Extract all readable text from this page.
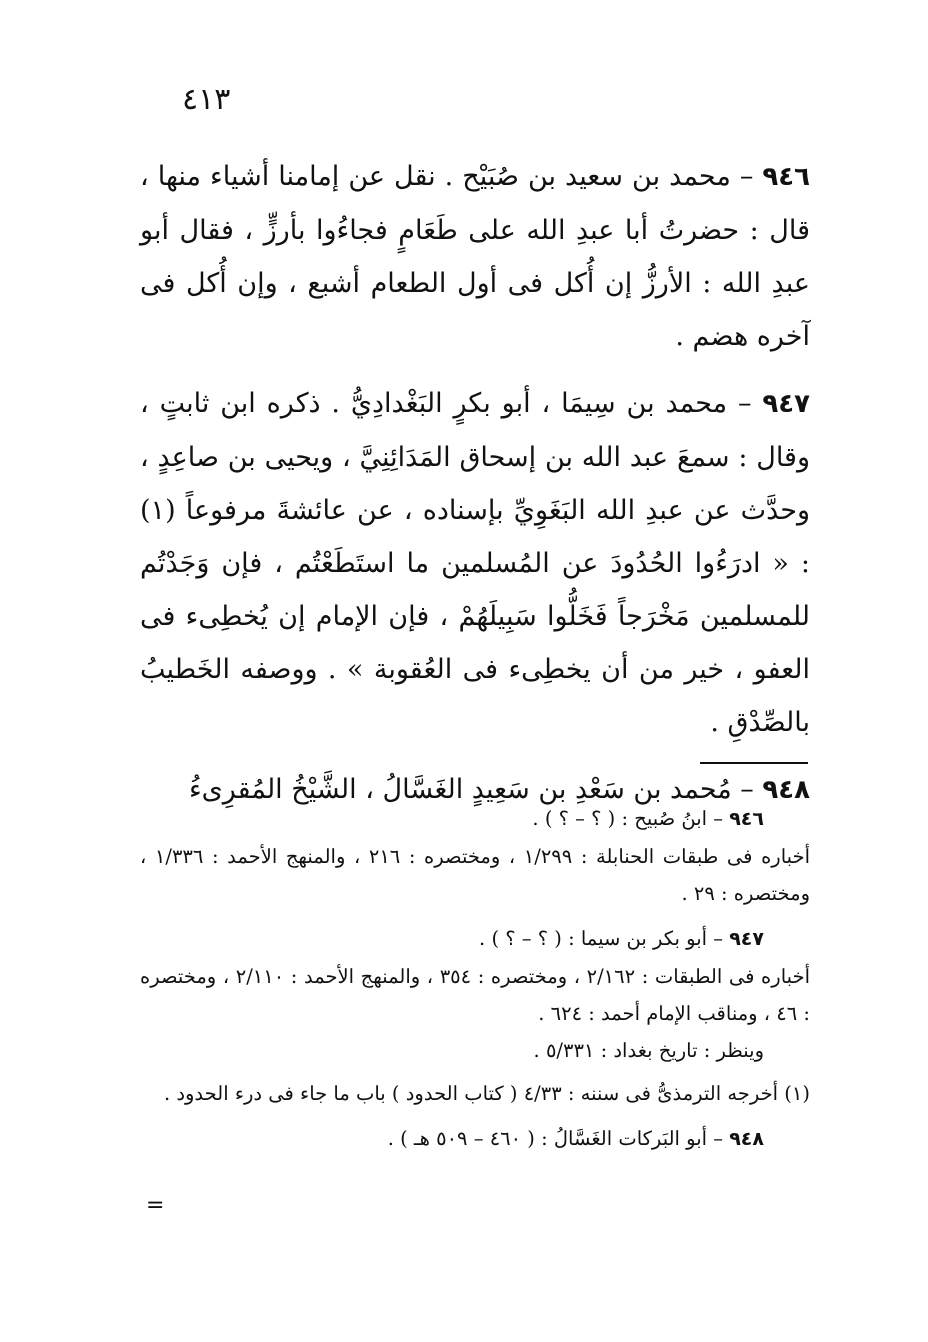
٤١٣

٩٤٦ – محمد بن سعيد بن صُبَيْح . نقل عن إمامنا أشياء منها ، قال : حضرتُ أبا عبدِ الله على طَعَامٍ فجاءُوا بأرزٍّ ، فقال أبو عبدِ الله : الأرزُّ إن أُكل فى أول الطعام أشبع ، وإن أُكل فى آخره هضم .

٩٤٧ – محمد بن سِيمَا ، أبو بكرٍ البَغْدادِيُّ . ذكره ابن ثابتٍ ، وقال : سمعَ عبد الله بن إسحاق المَدَائِنِيَّ ، ويحيى بن صاعِدٍ ، وحدَّث عن عبدِ الله البَغَوِيِّ بإسناده ، عن عائشةَ مرفوعاً (١) : « ادرَءُوا الحُدُودَ عن المُسلمين ما استَطَعْتُم ، فإن وَجَدْتُم للمسلمين مَخْرَجاً فَخَلُّوا سَبِيلَهُمْ ، فإن الإمام إن يُخطِىء فى العفو ، خير من أن يخطِىء فى العُقوبة » . ووصفه الخَطيبُ بالصِّدْقِ .

٩٤٨ – مُحمد بن سَعْدِ بن سَعِيدٍ الغَسَّالُ ، الشَّيْخُ المُقرِىءُ

٩٤٦ – ابنُ صُبيح : ( ؟ – ؟ ) .
أخباره فى طبقات الحنابلة : ١/٢٩٩ ، ومختصره : ٢١٦ ، والمنهج الأحمد : ١/٣٣٦ ، ومختصره : ٢٩ .
٩٤٧ – أبو بكر بن سيما : ( ؟ – ؟ ) .
أخباره فى الطبقات : ٢/١٦٢ ، ومختصره : ٣٥٤ ، والمنهج الأحمد : ٢/١١٠ ، ومختصره : ٤٦ ، ومناقب الإمام أحمد : ٦٢٤ .
وينظر : تاريخ بغداد : ٥/٣٣١ .
(١) أخرجه الترمذىُّ فى سننه : ٤/٣٣ ( كتاب الحدود ) باب ما جاء فى درء الحدود .
٩٤٨ – أبو البَركات الغَسَّالُ : ( ٤٦٠ – ٥٠٩ هـ ) .
=
